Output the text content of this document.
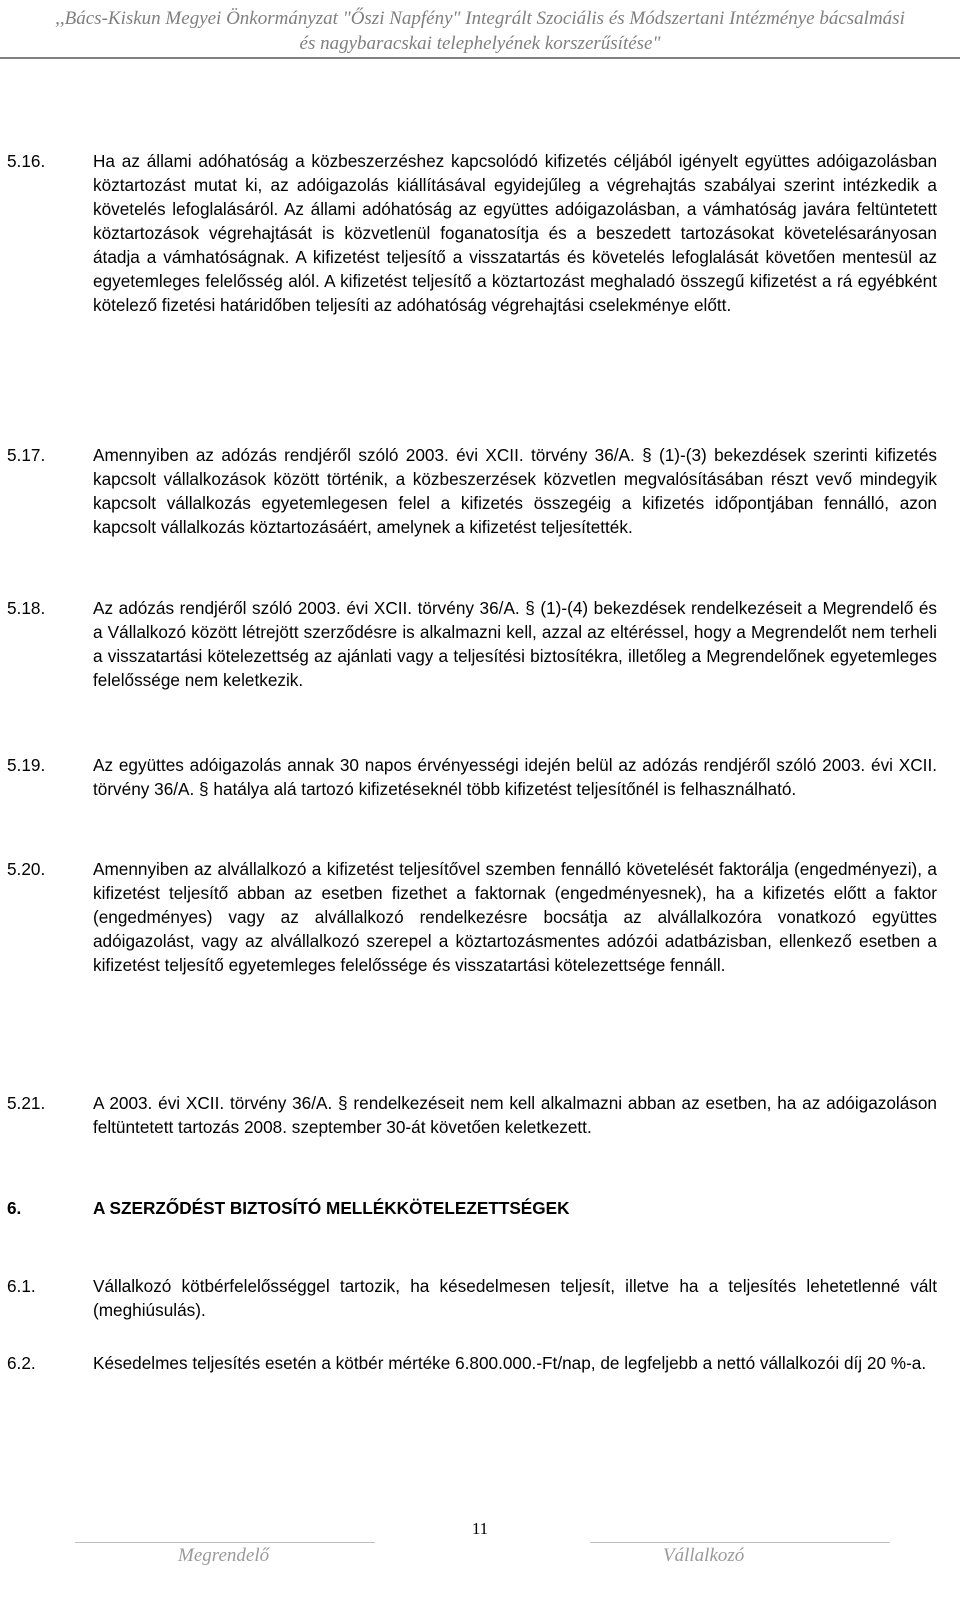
,,Bács-Kiskun Megyei Önkormányzat "Őszi Napfény" Integrált Szociális és Módszertani Intézménye bácsalmási
és nagybaracskai telephelyének korszerűsítése"
5.16.	Ha az állami adóhatóság a közbeszerzéshez kapcsolódó kifizetés céljából igényelt együttes adóigazolásban köztartozást mutat ki, az adóigazolás kiállításával egyidejűleg a végrehajtás szabályai szerint intézkedik a követelés lefoglalásáról. Az állami adóhatóság az együttes adóigazolásban, a vámhatóság javára feltüntetett köztartozások végrehajtását is közvetlenül foganatosítja és a beszedett tartozásokat követelésarányosan átadja a vámhatóságnak. A kifizetést teljesítő a visszatartás és követelés lefoglalását követően mentesül az egyetemleges felelősség alól. A kifizetést teljesítő a köztartozást meghaladó összegű kifizetést a rá egyébként kötelező fizetési határidőben teljesíti az adóhatóság végrehajtási cselekménye előtt.
5.17.	Amennyiben az adózás rendjéről szóló 2003. évi XCII. törvény 36/A. § (1)-(3) bekezdések szerinti kifizetés kapcsolt vállalkozások között történik, a közbeszerzések közvetlen megvalósításában részt vevő mindegyik kapcsolt vállalkozás egyetemlegesen felel a kifizetés összegéig a kifizetés időpontjában fennálló, azon kapcsolt vállalkozás köztartozásáért, amelynek a kifizetést teljesítették.
5.18.	Az adózás rendjéről szóló 2003. évi XCII. törvény 36/A. § (1)-(4) bekezdések rendelkezéseit a Megrendelő és a Vállalkozó között létrejött szerződésre is alkalmazni kell, azzal az eltéréssel, hogy a Megrendelőt nem terheli a visszatartási kötelezettség az ajánlati vagy a teljesítési biztosítékra, illetőleg a Megrendelőnek egyetemleges felelőssége nem keletkezik.
5.19.	Az együttes adóigazolás annak 30 napos érvényességi idején belül az adózás rendjéről szóló 2003. évi XCII. törvény 36/A. § hatálya alá tartozó kifizetéseknél több kifizetést teljesítőnél is felhasználható.
5.20.	Amennyiben az alvállalkozó a kifizetést teljesítővel szemben fennálló követelését faktorálja (engedményezi), a kifizetést teljesítő abban az esetben fizethet a faktornak (engedményesnek), ha a kifizetés előtt a faktor (engedményes) vagy az alvállalkozó rendelkezésre bocsátja az alvállalkozóra vonatkozó együttes adóigazolást, vagy az alvállalkozó szerepel a köztartozásmentes adózói adatbázisban, ellenkező esetben a kifizetést teljesítő egyetemleges felelőssége és visszatartási kötelezettsége fennáll.
5.21.	A 2003. évi XCII. törvény 36/A. § rendelkezéseit nem kell alkalmazni abban az esetben, ha az adóigazoláson feltüntetett tartozás 2008. szeptember 30-át követően keletkezett.
6.	A SZERZŐDÉST BIZTOSÍTÓ MELLÉKKÖTELEZETTSÉGEK
6.1.	Vállalkozó kötbérfelelősséggel tartozik, ha késedelmesen teljesít, illetve ha a teljesítés lehetetlenné vált (meghiúsulás).
6.2.	Késedelmes teljesítés esetén a kötbér mértéke 6.800.000.-Ft/nap, de legfeljebb a nettó vállalkozói díj 20 %-a.
11
Megrendelő	Vállalkozó
